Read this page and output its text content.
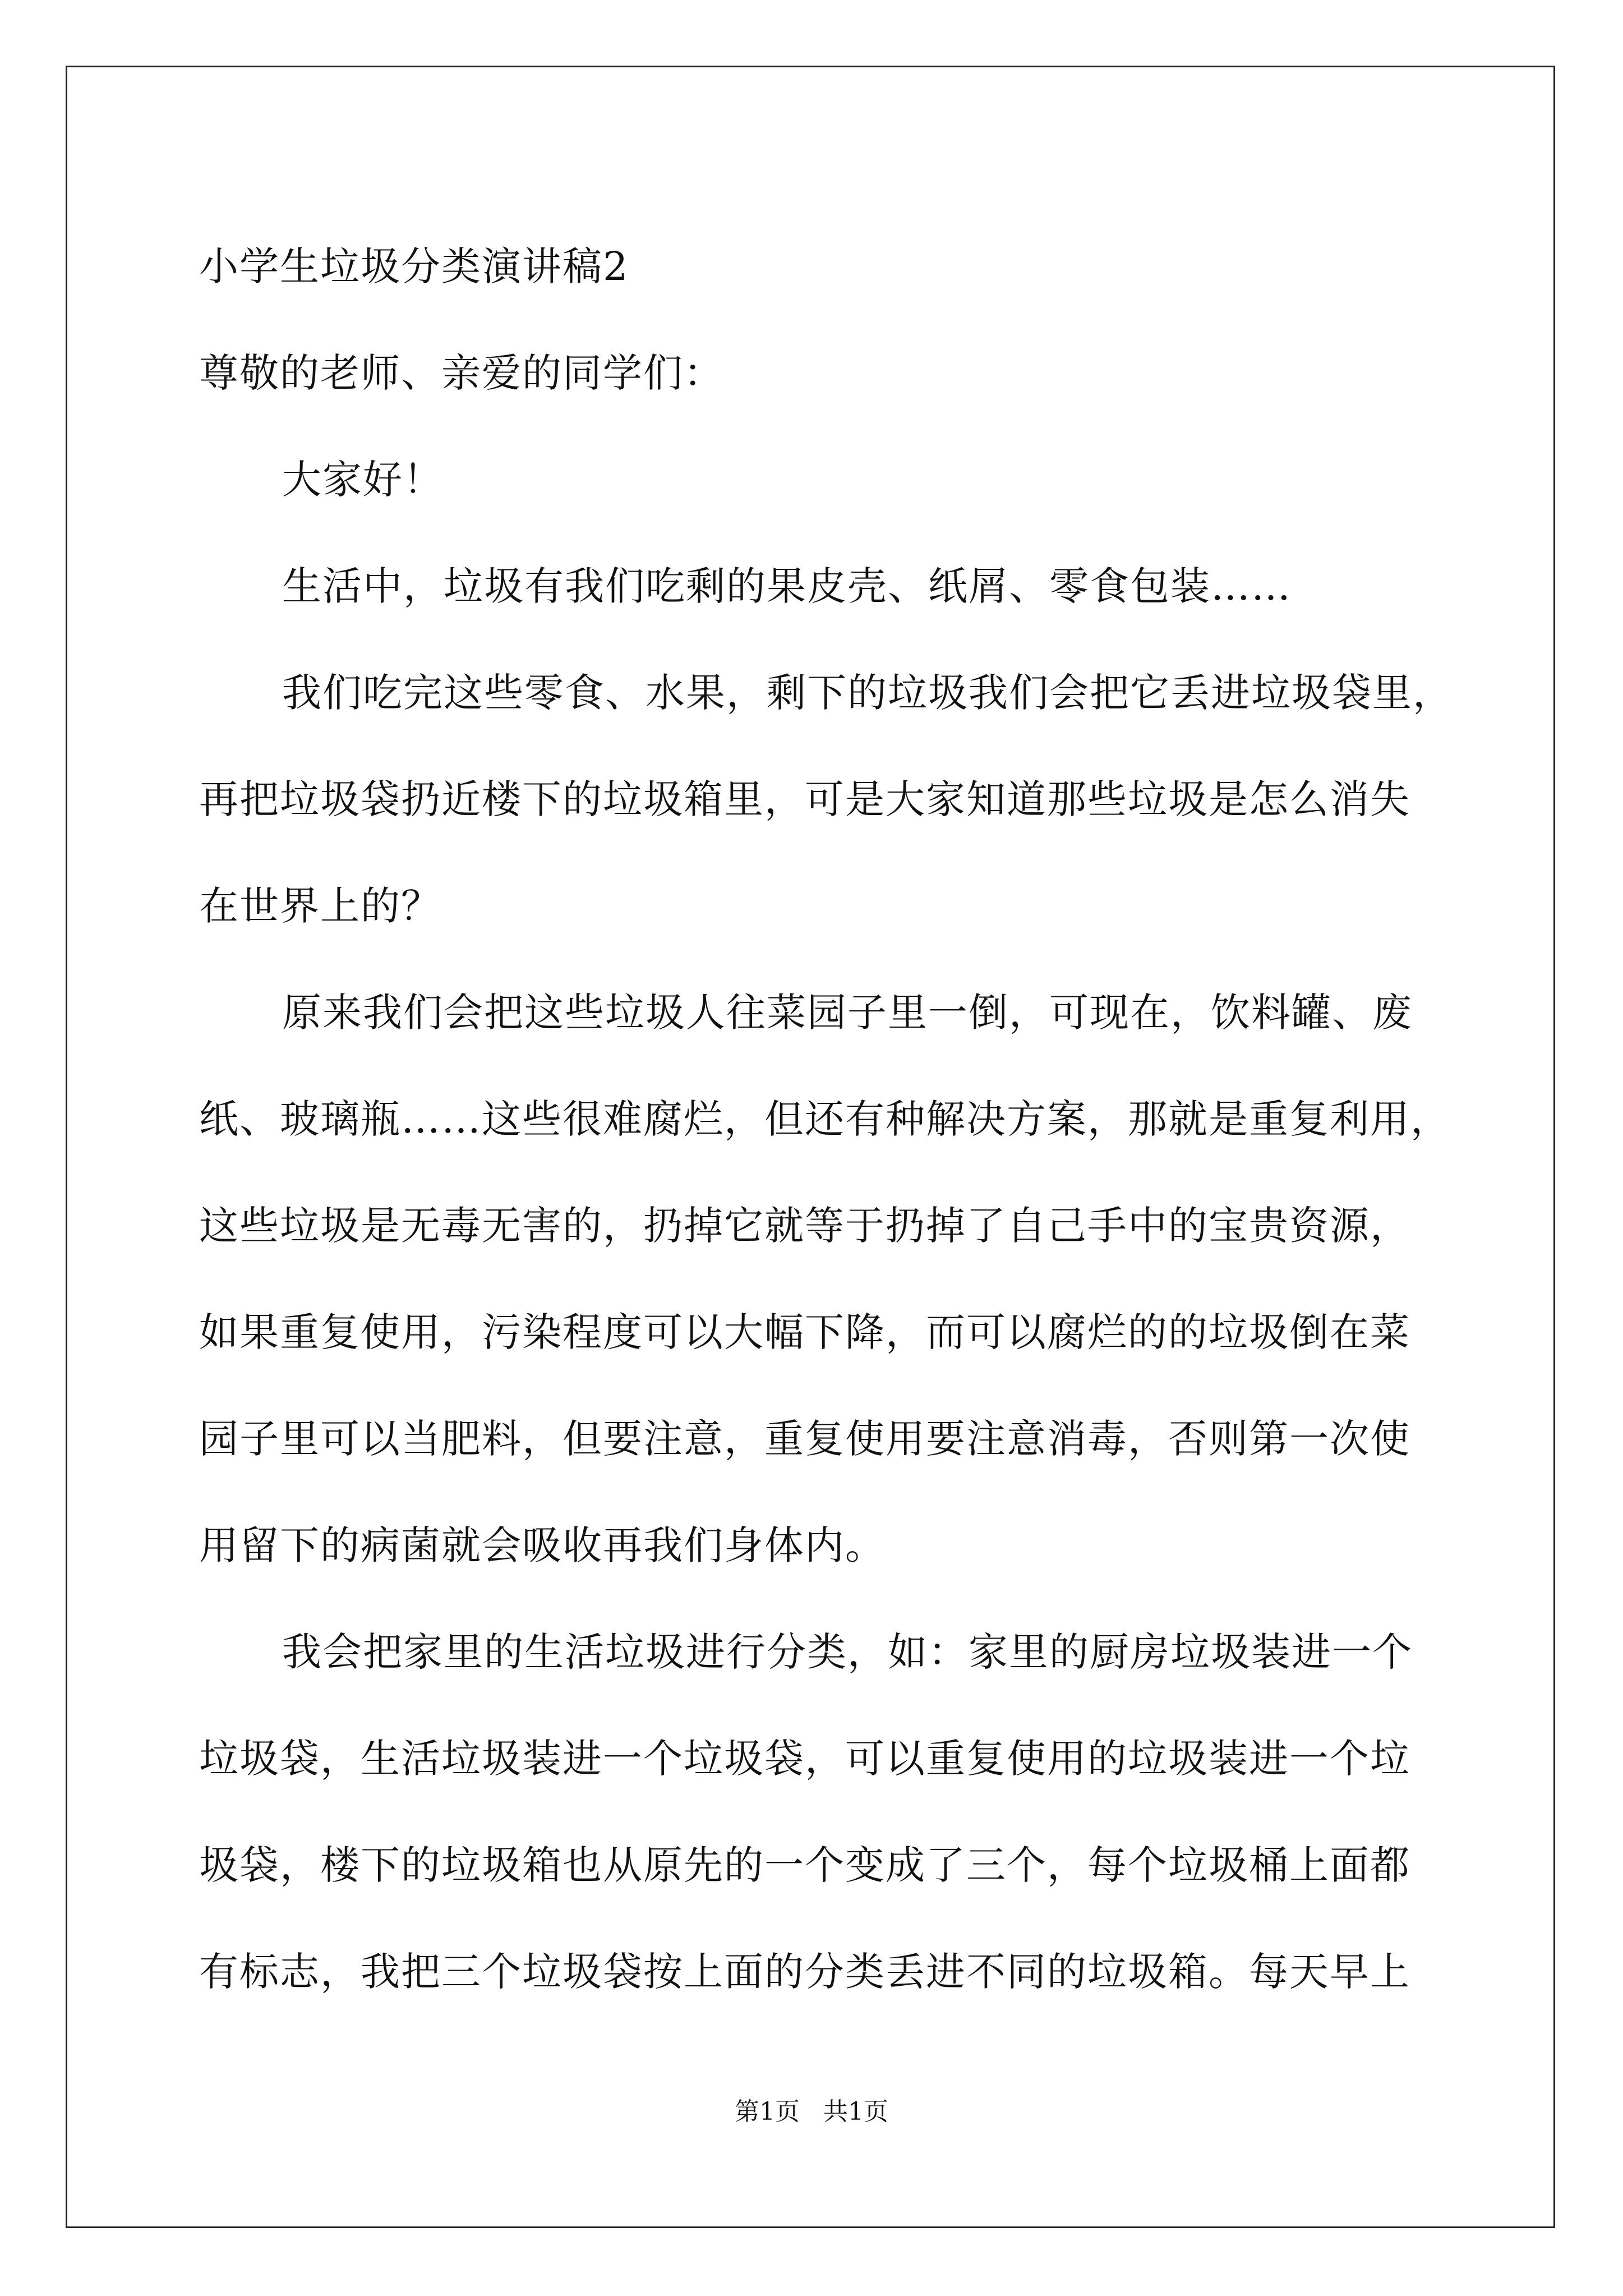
小学生垃圾分类演讲稿2

尊敬的老师、亲爱的同学们：

大家好！

生活中，垃圾有我们吃剩的果皮壳、纸屑、零食包装……

我们吃完这些零食、水果，剩下的垃圾我们会把它丢进垃圾袋里，

再把垃圾袋扔近楼下的垃圾箱里，可是大家知道那些垃圾是怎么消失

在世界上的？

原来我们会把这些垃圾人往菜园子里一倒，可现在，饮料罐、废

纸、玻璃瓶……这些很难腐烂，但还有种解决方案，那就是重复利用，

这些垃圾是无毒无害的，扔掉它就等于扔掉了自己手中的宝贵资源，

如果重复使用，污染程度可以大幅下降，而可以腐烂的的垃圾倒在菜

园子里可以当肥料，但要注意，重复使用要注意消毒，否则第一次使

用留下的病菌就会吸收再我们身体内。

我会把家里的生活垃圾进行分类，如：家里的厨房垃圾装进一个

垃圾袋，生活垃圾装进一个垃圾袋，可以重复使用的垃圾装进一个垃

圾袋，楼下的垃圾箱也从原先的一个变成了三个，每个垃圾桶上面都

有标志，我把三个垃圾袋按上面的分类丢进不同的垃圾箱。每天早上

第1页 共1页
